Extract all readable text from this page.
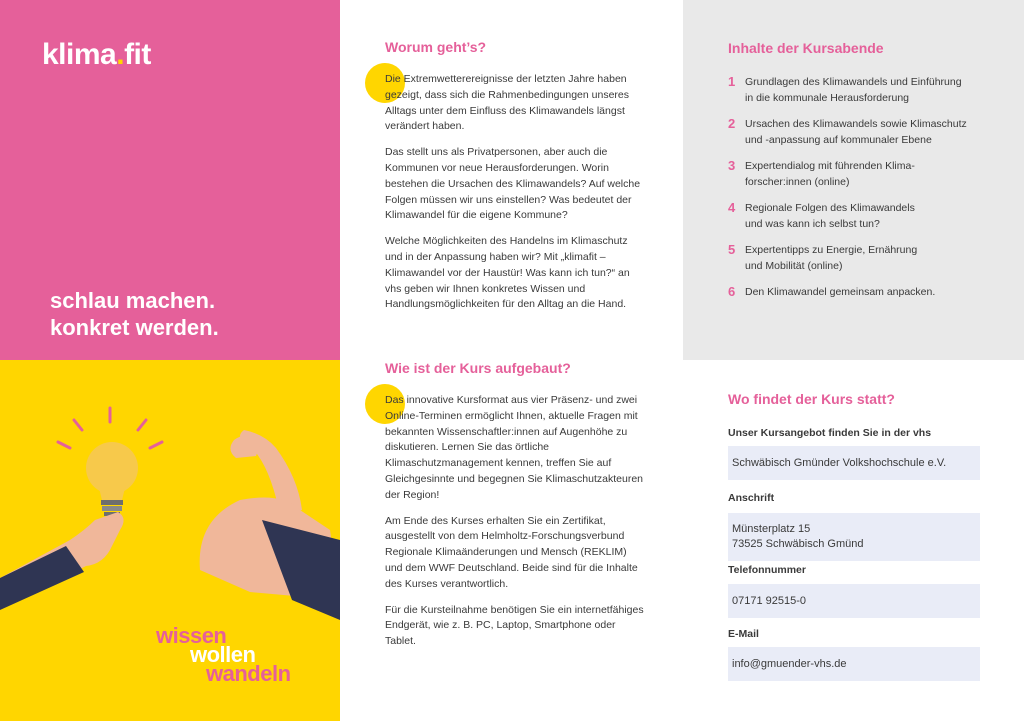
klima.fit
schlau machen.
konkret werden.
wissen
wollen
wandeln
Worum geht’s?

Die Extremwetterereignisse der letzten Jahre haben gezeigt, dass sich die Rahmenbedingungen unseres Alltags unter dem Einfluss des Klimawandels längst verändert haben.

Das stellt uns als Privatpersonen, aber auch die Kommunen vor neue Herausforderungen. Worin bestehen die Ursachen des Klimawandels? Auf welche Folgen müssen wir uns einstellen? Was bedeutet der Klimawandel für die eigene Kommune?

Welche Möglichkeiten des Handelns im Klimaschutz und in der Anpassung haben wir? Mit „klimafit – Klimawandel vor der Haustür! Was kann ich tun?“ an vhs geben wir Ihnen konkretes Wissen und Handlungsmöglichkeiten für den Alltag an die Hand.

Wie ist der Kurs aufgebaut?

Das innovative Kursformat aus vier Präsenz- und zwei Online-Terminen ermöglicht Ihnen, aktuelle Fragen mit bekannten Wissenschaftler:innen auf Augenhöhe zu diskutieren. Lernen Sie das örtliche Klimaschutzmanagement kennen, treffen Sie auf Gleichgesinnte und begegnen Sie Klimaschutzakteuren der Region!

Am Ende des Kurses erhalten Sie ein Zertifikat, ausgestellt von dem Helmholtz-Forschungsverbund Regionale Klimaänderungen und Mensch (REKLIM) und dem WWF Deutschland. Beide sind für die Inhalte des Kurses verantwortlich.

Für die Kursteilnahme benötigen Sie ein internetfähiges Endgerät, wie z. B. PC, Laptop, Smartphone oder Tablet.

Inhalte der Kursabende
1 Grundlagen des Klimawandels und Einführung
in die kommunale Herausforderung
2 Ursachen des Klimawandels sowie Klimaschutz
und -anpassung auf kommunaler Ebene
3 Expertendialog mit führenden Klima-
forscher:innen (online)
4 Regionale Folgen des Klimawandels
und was kann ich selbst tun?
5 Expertentipps zu Energie, Ernährung
und Mobilität (online)
6 Den Klimawandel gemeinsam anpacken.
Wo findet der Kurs statt?
Unser Kursangebot finden Sie in der vhs
Schwäbisch Gmünder Volkshochschule e.V.
Anschrift
Münsterplatz 15
73525 Schwäbisch Gmünd
Telefonnummer
07171 92515-0
E-Mail
info@gmuender-vhs.de
